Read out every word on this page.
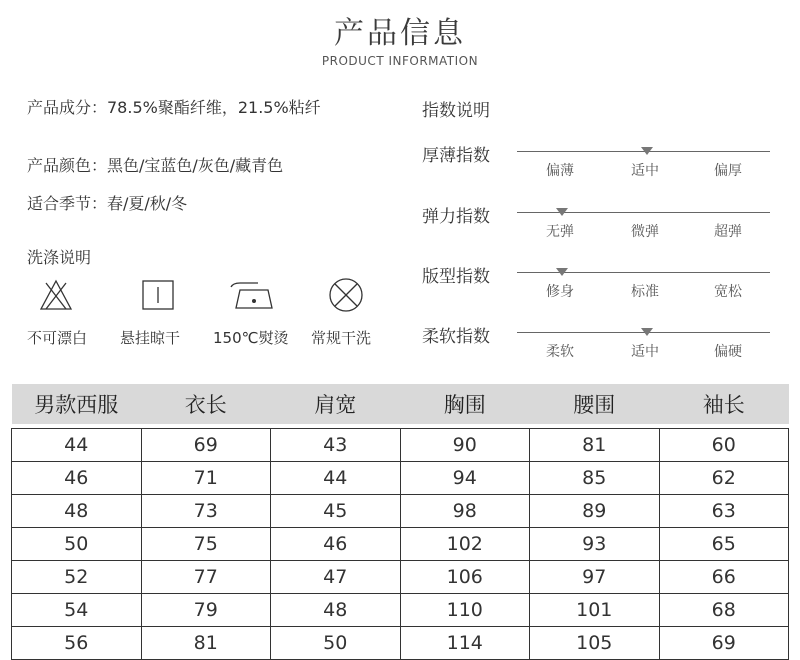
产品信息
PRODUCT INFORMATION
产品成分：78.5%聚酯纤维，21.5%粘纤
产品颜色：黑色/宝蓝色/灰色/藏青色
适合季节：春/夏/秋/冬
洗涤说明
不可漂白 悬挂晾干 150℃熨烫 常规干洗
指数说明
厚薄指数
偏薄	适中	偏厚
弹力指数
无弹	微弹	超弹
版型指数
修身	标准	宽松
柔软指数
柔软	适中	偏硬
男款西服	衣长	肩宽	胸围	腰围	袖长

44	69	43	90	81	60
46	71	44	94	85	62
48	73	45	98	89	63
50	75	46	102	93	65
52	77	47	106	97	66
54	79	48	110	101	68
56	81	50	114	105	69
